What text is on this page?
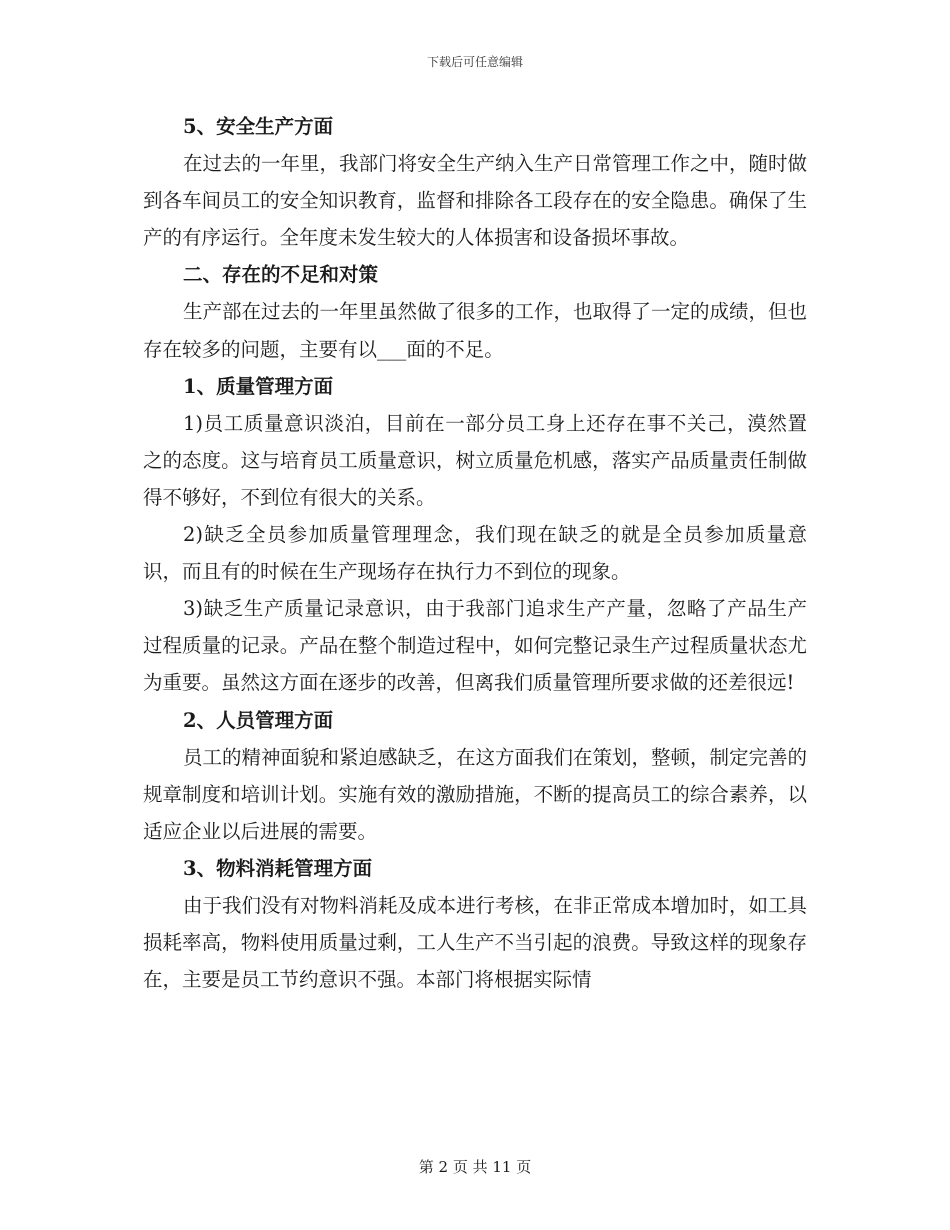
下载后可任意编辑

5、安全生产方面

在过去的一年里，我部门将安全生产纳入生产日常管理工作之中，随时做到各车间员工的安全知识教育，监督和排除各工段存在的安全隐患。确保了生产的有序运行。全年度未发生较大的人体损害和设备损坏事故。

二、存在的不足和对策

生产部在过去的一年里虽然做了很多的工作，也取得了一定的成绩，但也存在较多的问题，主要有以___面的不足。

1、质量管理方面

1)员工质量意识淡泊，目前在一部分员工身上还存在事不关己，漠然置之的态度。这与培育员工质量意识，树立质量危机感，落实产品质量责任制做得不够好，不到位有很大的关系。

2)缺乏全员参加质量管理理念，我们现在缺乏的就是全员参加质量意识，而且有的时候在生产现场存在执行力不到位的现象。

3)缺乏生产质量记录意识，由于我部门追求生产产量，忽略了产品生产过程质量的记录。产品在整个制造过程中，如何完整记录生产过程质量状态尤为重要。虽然这方面在逐步的改善，但离我们质量管理所要求做的还差很远!

2、人员管理方面

员工的精神面貌和紧迫感缺乏，在这方面我们在策划，整顿，制定完善的规章制度和培训计划。实施有效的激励措施，不断的提高员工的综合素养，以适应企业以后进展的需要。

3、物料消耗管理方面

由于我们没有对物料消耗及成本进行考核，在非正常成本增加时，如工具损耗率高，物料使用质量过剩，工人生产不当引起的浪费。导致这样的现象存在，主要是员工节约意识不强。本部门将根据实际情

第 2 页 共 11 页
